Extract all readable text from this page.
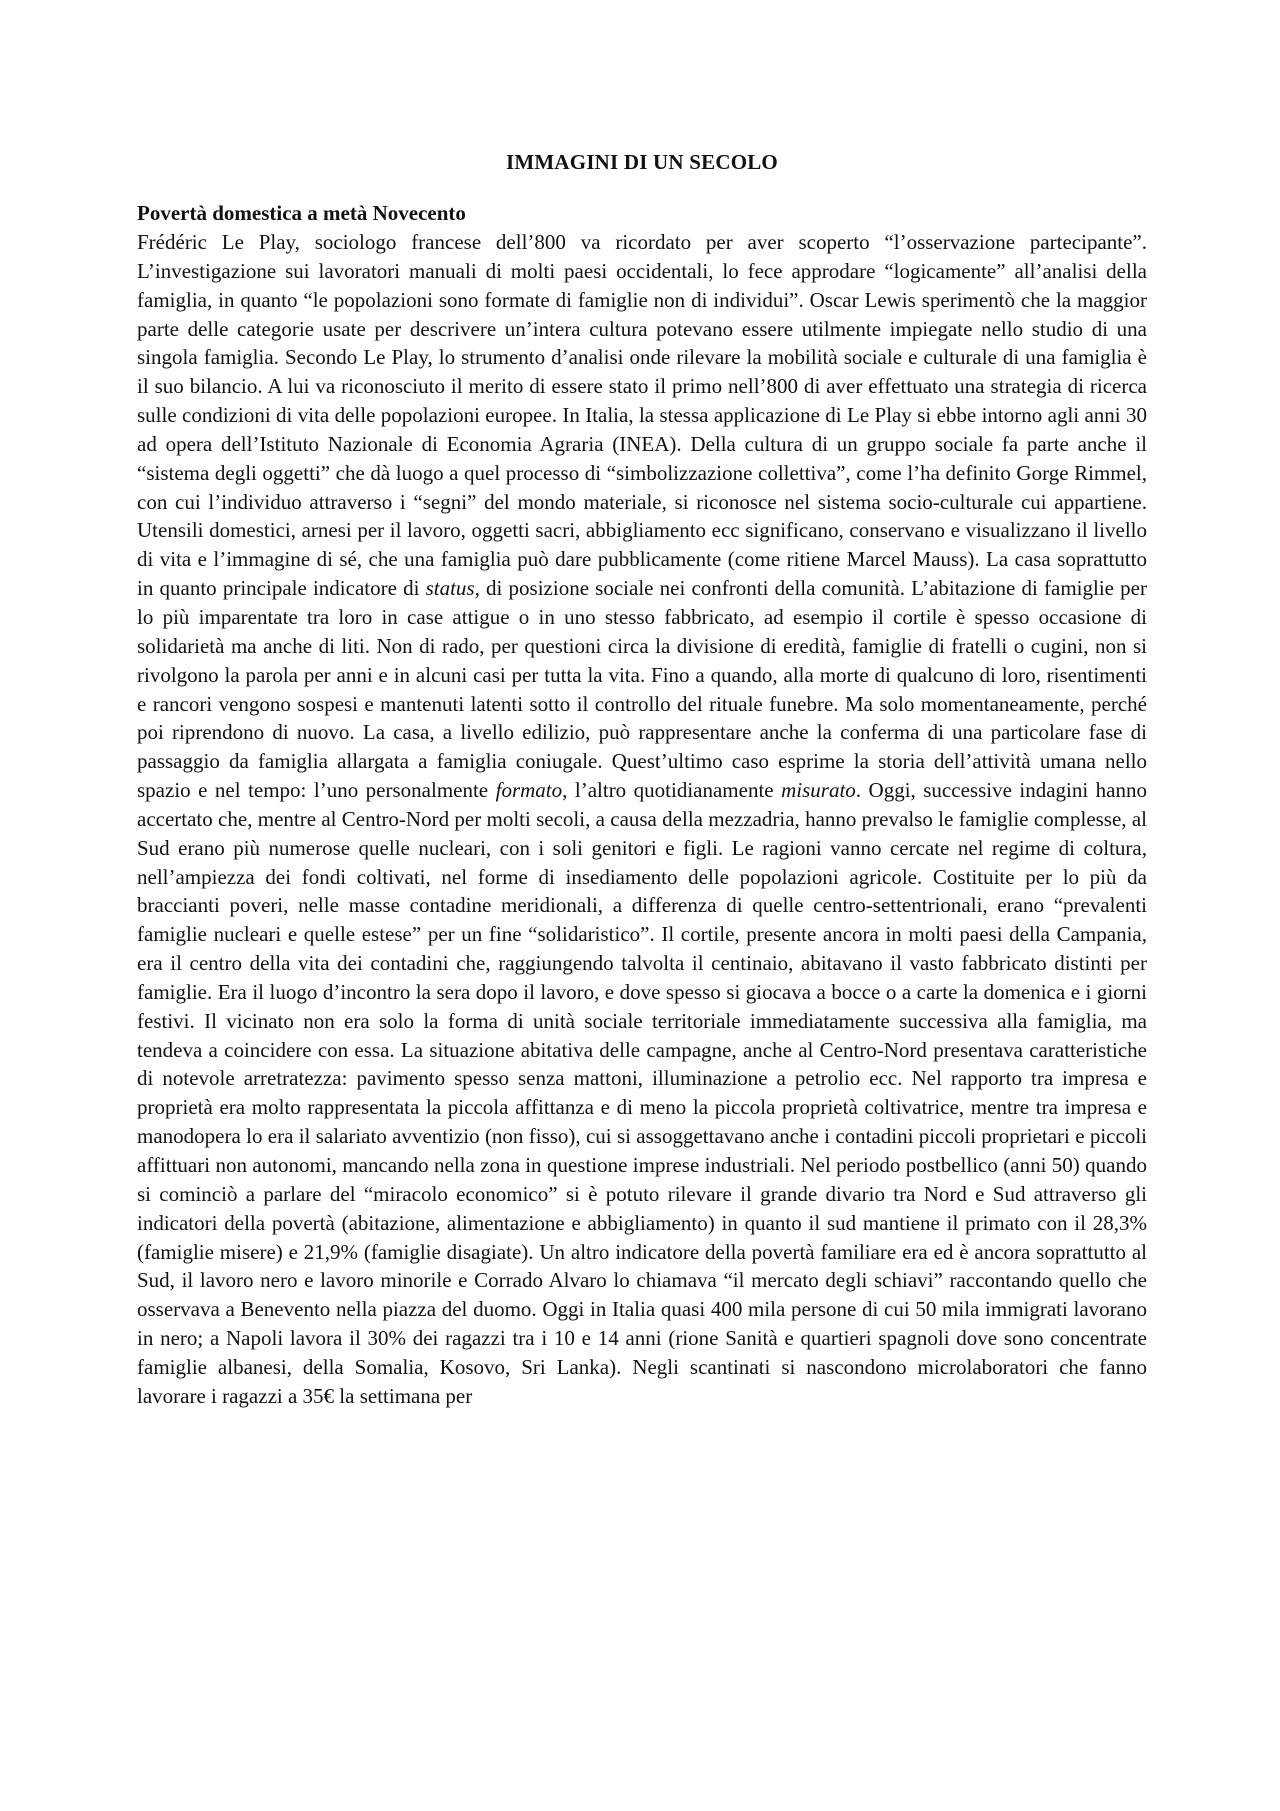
IMMAGINI DI UN SECOLO
Povertà domestica a metà Novecento

Frédéric Le Play, sociologo francese dell’800 va ricordato per aver scoperto “l’osservazione partecipante”. L’investigazione sui lavoratori manuali di molti paesi occidentali, lo fece approdare “logicamente” all’analisi della famiglia, in quanto “le popolazioni sono formate di famiglie non di individui”. Oscar Lewis sperimentò che la maggior parte delle categorie usate per descrivere un’intera cultura potevano essere utilmente impiegate nello studio di una singola famiglia. Secondo Le Play, lo strumento d’analisi onde rilevare la mobilità sociale e culturale di una famiglia è il suo bilancio. A lui va riconosciuto il merito di essere stato il primo nell’800 di aver effettuato una strategia di ricerca sulle condizioni di vita delle popolazioni europee. In Italia, la stessa applicazione di Le Play si ebbe intorno agli anni 30 ad opera dell’Istituto Nazionale di Economia Agraria (INEA). Della cultura di un gruppo sociale fa parte anche il “sistema degli oggetti” che dà luogo a quel processo di “simbolizzazione collettiva”, come l’ha definito Gorge Rimmel, con cui l’individuo attraverso i “segni” del mondo materiale, si riconosce nel sistema socio-culturale cui appartiene. Utensili domestici, arnesi per il lavoro, oggetti sacri, abbigliamento ecc significano, conservano e visualizzano il livello di vita e l’immagine di sé, che una famiglia può dare pubblicamente (come ritiene Marcel Mauss). La casa soprattutto in quanto principale indicatore di status, di posizione sociale nei confronti della comunità. L’abitazione di famiglie per lo più imparentate tra loro in case attigue o in uno stesso fabbricato, ad esempio il cortile è spesso occasione di solidarietà ma anche di liti. Non di rado, per questioni circa la divisione di eredità, famiglie di fratelli o cugini, non si rivolgono la parola per anni e in alcuni casi per tutta la vita. Fino a quando, alla morte di qualcuno di loro, risentimenti e rancori vengono sospesi e mantenuti latenti sotto il controllo del rituale funebre. Ma solo momentaneamente, perché poi riprendono di nuovo. La casa, a livello edilizio, può rappresentare anche la conferma di una particolare fase di passaggio da famiglia allargata a famiglia coniugale. Quest’ultimo caso esprime la storia dell’attività umana nello spazio e nel tempo: l’uno personalmente formato, l’altro quotidianamente misurato. Oggi, successive indagini hanno accertato che, mentre al Centro-Nord per molti secoli, a causa della mezzadria, hanno prevalso le famiglie complesse, al Sud erano più numerose quelle nucleari, con i soli genitori e figli. Le ragioni vanno cercate nel regime di coltura, nell’ampiezza dei fondi coltivati, nel forme di insediamento delle popolazioni agricole. Costituite per lo più da braccianti poveri, nelle masse contadine meridionali, a differenza di quelle centro-settentrionali, erano “prevalenti famiglie nucleari e quelle estese” per un fine “solidaristico”. Il cortile, presente ancora in molti paesi della Campania, era il centro della vita dei contadini che, raggiungendo talvolta il centinaio, abitavano il vasto fabbricato distinti per famiglie. Era il luogo d’incontro la sera dopo il lavoro, e dove spesso si giocava a bocce o a carte la domenica e i giorni festivi. Il vicinato non era solo la forma di unità sociale territoriale immediatamente successiva alla famiglia, ma tendeva a coincidere con essa. La situazione abitativa delle campagne, anche al Centro-Nord presentava caratteristiche di notevole arretratezza: pavimento spesso senza mattoni, illuminazione a petrolio ecc. Nel rapporto tra impresa e proprietà era molto rappresentata la piccola affittanza e di meno la piccola proprietà coltivatrice, mentre tra impresa e manodopera lo era il salariato avventizio (non fisso), cui si assoggettavano anche i contadini piccoli proprietari e piccoli affittuari non autonomi, mancando nella zona in questione imprese industriali. Nel periodo postbellico (anni 50) quando si cominciò a parlare del “miracolo economico” si è potuto rilevare il grande divario tra Nord e Sud attraverso gli indicatori della povertà (abitazione, alimentazione e abbigliamento) in quanto il sud mantiene il primato con il 28,3% (famiglie misere) e 21,9% (famiglie disagiate). Un altro indicatore della povertà familiare era ed è ancora soprattutto al Sud, il lavoro nero e lavoro minorile e Corrado Alvaro lo chiamava “il mercato degli schiavi” raccontando quello che osservava a Benevento nella piazza del duomo. Oggi in Italia quasi 400 mila persone di cui 50 mila immigrati lavorano in nero; a Napoli lavora il 30% dei ragazzi tra i 10 e 14 anni (rione Sanità e quartieri spagnoli dove sono concentrate famiglie albanesi, della Somalia, Kosovo, Sri Lanka). Negli scantinati si nascondono microlaboratori che fanno lavorare i ragazzi a 35€ la settimana per
